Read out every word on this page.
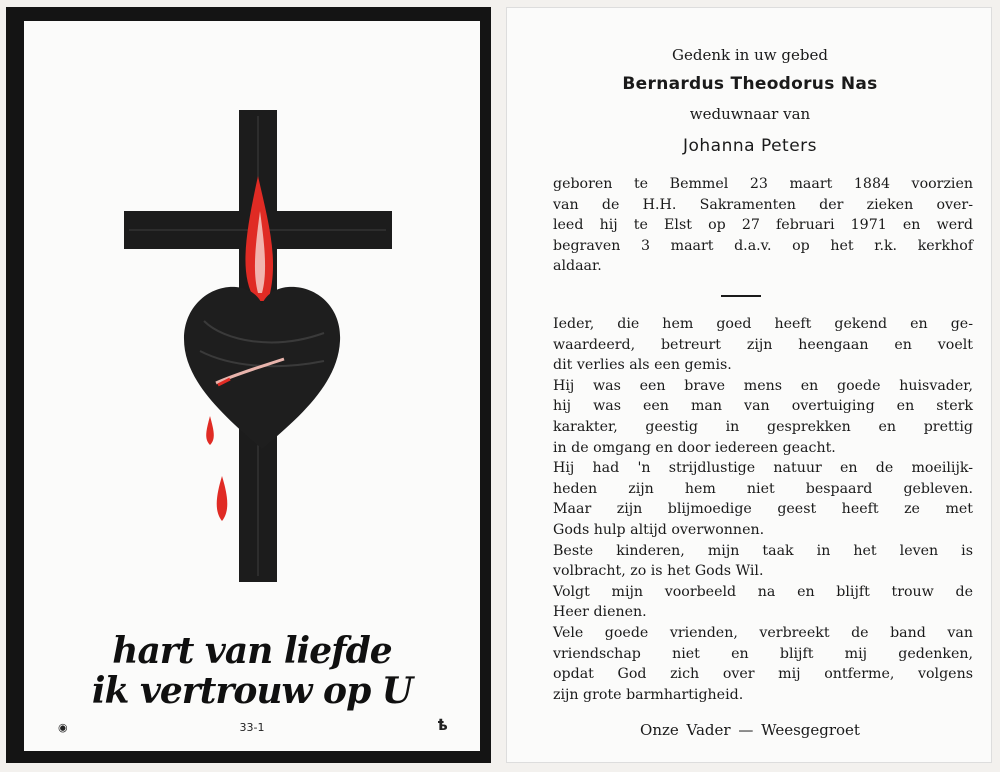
hart van liefde
ik vertrouw op U
◉	33-1	ҍ
Gedenk in uw gebed
Bernardus Theodorus Nas
weduwnaar van
Johanna Peters

geboren te Bemmel 23 maart 1884 voorzien
van de H.H. Sakramenten der zieken over-
leed hij te Elst op 27 februari 1971 en werd
begraven 3 maart d.a.v. op het r.k. kerkhof
aldaar.

Ieder, die hem goed heeft gekend en ge-
waardeerd, betreurt zijn heengaan en voelt
dit verlies als een gemis.
Hij was een brave mens en goede huisvader,
hij was een man van overtuiging en sterk
karakter, geestig in gesprekken en prettig
in de omgang en door iedereen geacht.
Hij had 'n strijdlustige natuur en de moeilijk-
heden zijn hem niet bespaard gebleven.
Maar zijn blijmoedige geest heeft ze met
Gods hulp altijd overwonnen.
Beste kinderen, mijn taak in het leven is
volbracht, zo is het Gods Wil.
Volgt mijn voorbeeld na en blijft trouw de
Heer dienen.
Vele goede vrienden, verbreekt de band van
vriendschap niet en blijft mij gedenken,
opdat God zich over mij ontferme, volgens
zijn grote barmhartigheid.

Onze Vader — Weesgegroet
